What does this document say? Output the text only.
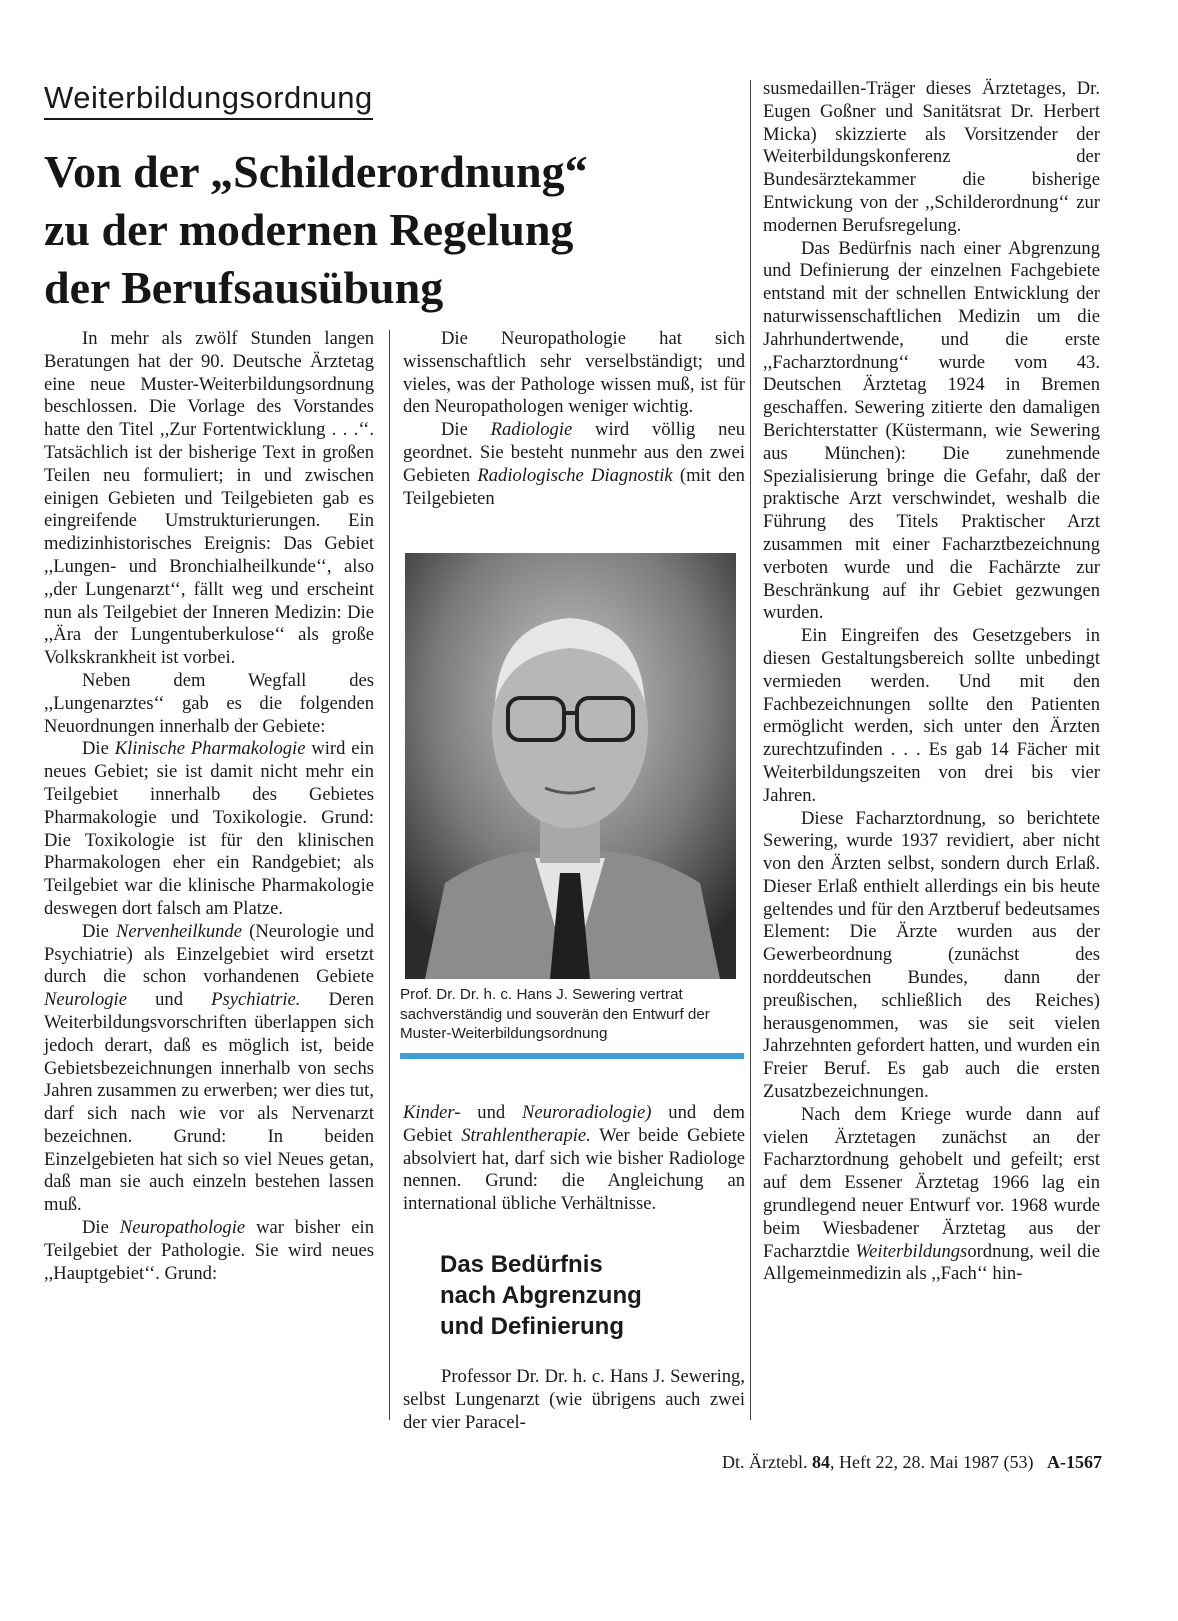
Weiterbildungsordnung
Von der „Schilderordnung“
zu der modernen Regelung
der Berufsausübung

In mehr als zwölf Stunden langen Beratungen hat der 90. Deutsche Ärztetag eine neue Muster-Weiterbildungsordnung beschlossen. Die Vorlage des Vorstandes hatte den Titel ,,Zur Fortentwicklung . . .‘‘. Tatsächlich ist der bisherige Text in großen Teilen neu formuliert; in und zwischen einigen Gebieten und Teilgebieten gab es eingreifende Umstrukturierungen. Ein medizinhistorisches Ereignis: Das Gebiet ,,Lungen- und Bronchialheilkunde‘‘, also ,,der Lungenarzt‘‘, fällt weg und erscheint nun als Teilgebiet der Inneren Medizin: Die ,,Ära der Lungentuberkulose‘‘ als große Volkskrankheit ist vorbei.

Neben dem Wegfall des ,,Lungenarztes‘‘ gab es die folgenden Neuordnungen innerhalb der Gebiete:

Die Klinische Pharmakologie wird ein neues Gebiet; sie ist damit nicht mehr ein Teilgebiet innerhalb des Gebietes Pharmakologie und Toxikologie. Grund: Die Toxikologie ist für den klinischen Pharmakologen eher ein Randgebiet; als Teilgebiet war die klinische Pharmakologie deswegen dort falsch am Platze.

Die Nervenheilkunde (Neurologie und Psychiatrie) als Einzelgebiet wird ersetzt durch die schon vorhandenen Gebiete Neurologie und Psychiatrie. Deren Weiterbildungsvorschriften überlappen sich jedoch derart, daß es möglich ist, beide Gebietsbezeichnungen innerhalb von sechs Jahren zusammen zu erwerben; wer dies tut, darf sich nach wie vor als Nervenarzt bezeichnen. Grund: In beiden Einzelgebieten hat sich so viel Neues getan, daß man sie auch einzeln bestehen lassen muß.

Die Neuropathologie war bisher ein Teilgebiet der Pathologie. Sie wird neues ,,Hauptgebiet‘‘. Grund:

Die Neuropathologie hat sich wissenschaftlich sehr verselbständigt; und vieles, was der Pathologe wissen muß, ist für den Neuropathologen weniger wichtig.

Die Radiologie wird völlig neu geordnet. Sie besteht nunmehr aus den zwei Gebieten Radiologische Diagnostik (mit den Teilgebieten

Prof. Dr. Dr. h. c. Hans J. Sewering vertrat sachverständig und souverän den Entwurf der Muster-Weiterbildungsordnung

Kinder- und Neuroradiologie) und dem Gebiet Strahlentherapie. Wer beide Gebiete absolviert hat, darf sich wie bisher Radiologe nennen. Grund: die Angleichung an international übliche Verhältnisse.

Das Bedürfnis
nach Abgrenzung
und Definierung

Professor Dr. Dr. h. c. Hans J. Sewering, selbst Lungenarzt (wie übrigens auch zwei der vier Paracel-

susmedaillen-Träger dieses Ärztetages, Dr. Eugen Goßner und Sanitätsrat Dr. Herbert Micka) skizzierte als Vorsitzender der Weiterbildungskonferenz der Bundesärztekammer die bisherige Entwickung von der ,,Schilderordnung‘‘ zur modernen Berufsregelung.

Das Bedürfnis nach einer Abgrenzung und Definierung der einzelnen Fachgebiete entstand mit der schnellen Entwicklung der naturwissenschaftlichen Medizin um die Jahrhundertwende, und die erste ,,Facharztordnung‘‘ wurde vom 43. Deutschen Ärztetag 1924 in Bremen geschaffen. Sewering zitierte den damaligen Berichterstatter (Küstermann, wie Sewering aus München): Die zunehmende Spezialisierung bringe die Gefahr, daß der praktische Arzt verschwindet, weshalb die Führung des Titels Praktischer Arzt zusammen mit einer Facharztbezeichnung verboten wurde und die Fachärzte zur Beschränkung auf ihr Gebiet gezwungen wurden.

Ein Eingreifen des Gesetzgebers in diesen Gestaltungsbereich sollte unbedingt vermieden werden. Und mit den Fachbezeichnungen sollte den Patienten ermöglicht werden, sich unter den Ärzten zurechtzufinden . . . Es gab 14 Fächer mit Weiterbildungszeiten von drei bis vier Jahren.

Diese Facharztordnung, so berichtete Sewering, wurde 1937 revidiert, aber nicht von den Ärzten selbst, sondern durch Erlaß. Dieser Erlaß enthielt allerdings ein bis heute geltendes und für den Arztberuf bedeutsames Element: Die Ärzte wurden aus der Gewerbeordnung (zunächst des norddeutschen Bundes, dann der preußischen, schließlich des Reiches) herausgenommen, was sie seit vielen Jahrzehnten gefordert hatten, und wurden ein Freier Beruf. Es gab auch die ersten Zusatzbezeichnungen.

Nach dem Kriege wurde dann auf vielen Ärztetagen zunächst an der Facharztordnung gehobelt und gefeilt; erst auf dem Essener Ärztetag 1966 lag ein grundlegend neuer Entwurf vor. 1968 wurde beim Wiesbadener Ärztetag aus der Facharztdie Weiterbildungsordnung, weil die Allgemeinmedizin als ,,Fach‘‘ hin-

Dt. Ärztebl. 84, Heft 22, 28. Mai 1987 (53) A-1567
